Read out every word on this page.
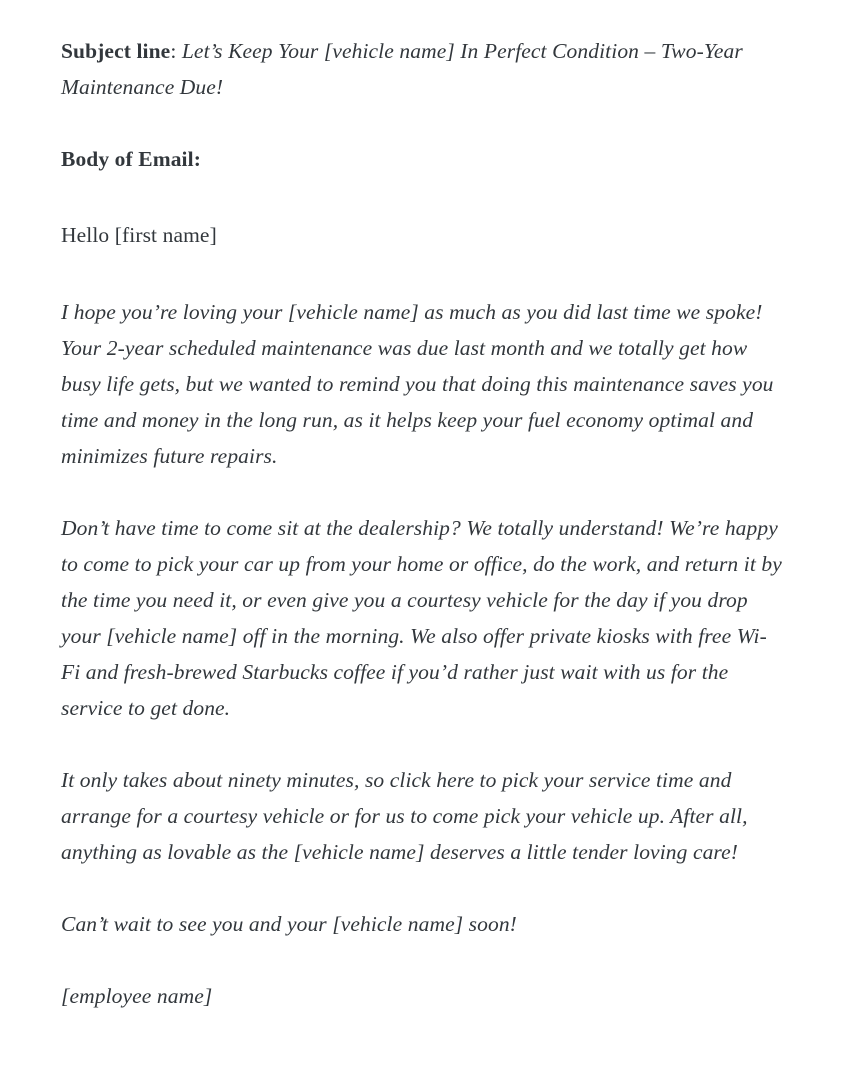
Subject line: Let’s Keep Your [vehicle name] In Perfect Condition – Two-Year Maintenance Due!

Body of Email:

Hello [first name]

I hope you’re loving your [vehicle name] as much as you did last time we spoke! Your 2-year scheduled maintenance was due last month and we totally get how busy life gets, but we wanted to remind you that doing this maintenance saves you time and money in the long run, as it helps keep your fuel economy optimal and minimizes future repairs.

Don’t have time to come sit at the dealership? We totally understand! We’re happy to come to pick your car up from your home or office, do the work, and return it by the time you need it, or even give you a courtesy vehicle for the day if you drop your [vehicle name] off in the morning. We also offer private kiosks with free Wi-Fi and fresh-brewed Starbucks coffee if you’d rather just wait with us for the service to get done.

It only takes about ninety minutes, so click here to pick your service time and arrange for a courtesy vehicle or for us to come pick your vehicle up. After all, anything as lovable as the [vehicle name] deserves a little tender loving care!

Can’t wait to see you and your [vehicle name] soon!

[employee name]
